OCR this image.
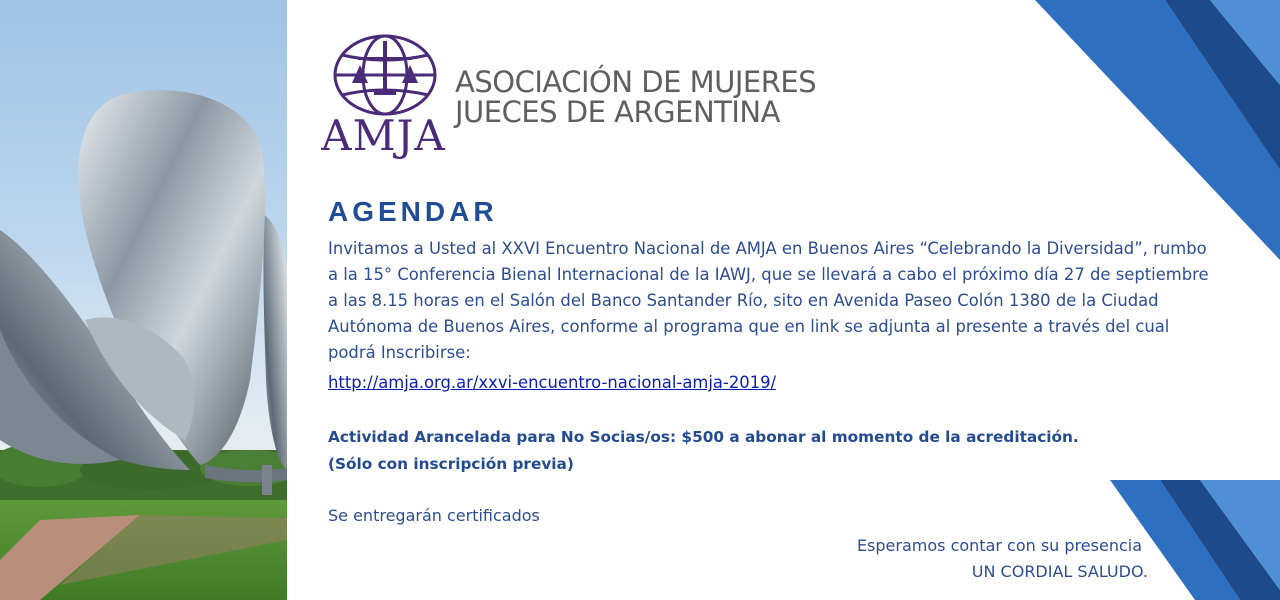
AMJA
ASOCIACIÓN DE MUJERES
JUECES DE ARGENTINA
AGENDAR
Invitamos a Usted al XXVI Encuentro Nacional de AMJA en Buenos Aires “Celebrando la Diversidad”, rumbo a la 15° Conferencia Bienal Internacional de la IAWJ, que se llevará a cabo el próximo día 27 de septiembre a las 8.15 horas en el Salón del Banco Santander Río, sito en Avenida Paseo Colón 1380 de la Ciudad Autónoma de Buenos Aires, conforme al programa que en link se adjunta al presente a través del cual podrá Inscribirse:
http://amja.org.ar/xxvi-encuentro-nacional-amja-2019/
Actividad Arancelada para No Socias/os: $500 a abonar al momento de la acreditación.
(Sólo con inscripción previa)
Se entregarán certificados
Esperamos contar con su presencia
UN CORDIAL SALUDO.
